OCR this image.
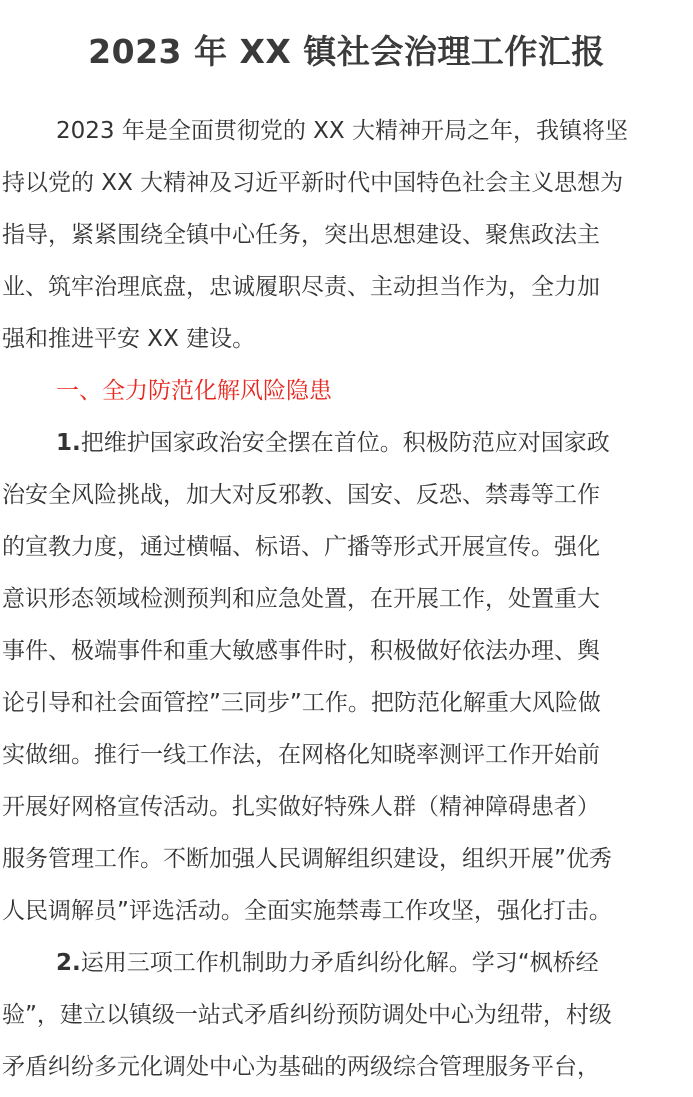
2023 年 XX 镇社会治理工作汇报
2023 年是全面贯彻党的 XX 大精神开局之年，我镇将坚
持以党的 XX 大精神及习近平新时代中国特色社会主义思想为
指导，紧紧围绕全镇中心任务，突出思想建设、聚焦政法主
业、筑牢治理底盘，忠诚履职尽责、主动担当作为，全力加
强和推进平安 XX 建设。
一、全力防范化解风险隐患
1.把维护国家政治安全摆在首位。积极防范应对国家政
治安全风险挑战，加大对反邪教、国安、反恐、禁毒等工作
的宣教力度，通过横幅、标语、广播等形式开展宣传。强化
意识形态领域检测预判和应急处置，在开展工作，处置重大
事件、极端事件和重大敏感事件时，积极做好依法办理、舆
论引导和社会面管控”三同步”工作。把防范化解重大风险做
实做细。推行一线工作法，在网格化知晓率测评工作开始前
开展好网格宣传活动。扎实做好特殊人群（精神障碍患者）
服务管理工作。不断加强人民调解组织建设，组织开展”优秀
人民调解员”评选活动。全面实施禁毒工作攻坚，强化打击。
2.运用三项工作机制助力矛盾纠纷化解。学习“枫桥经
验”，建立以镇级一站式矛盾纠纷预防调处中心为纽带，村级
矛盾纠纷多元化调处中心为基础的两级综合管理服务平台，
